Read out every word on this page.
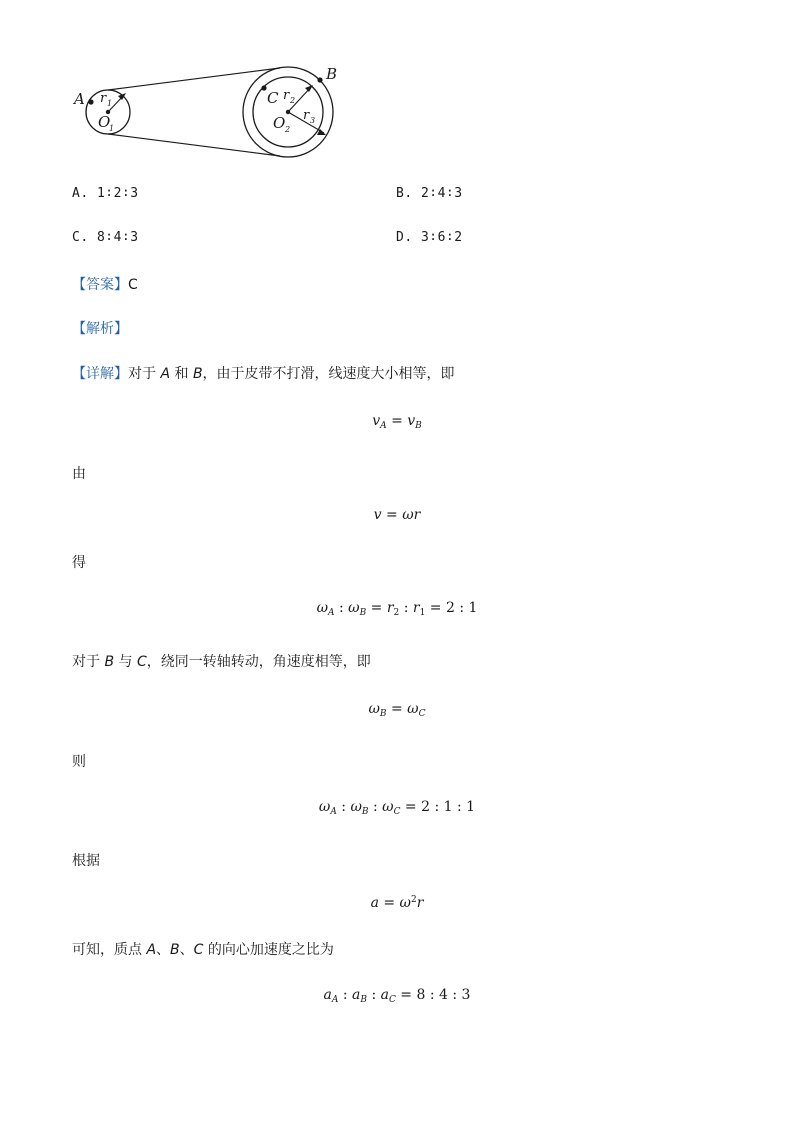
A
B
C
r 1
O
1
r 2
O 2
r 3
A. 1∶2∶3	B. 2∶4∶3
C. 8∶4∶3	D. 3∶6∶2
【答案】C
【解析】
【详解】对于 A 和 B，由于皮带不打滑，线速度大小相等，即
$v_A = v_B$
由
v = ωr
得
$\omega_A$ : $\omega_B = r_2$ : $r_1 = 2$ : 1
对于 B 与 C，绕同一转轴转动，角速度相等，即
$\omega_B = \omega_C$
则
$\omega_A$ : $\omega_B$ : $\omega_C = 2$ : 1 : 1
根据
$a = \omega^2r$
可知，质点 A、B、C 的向心加速度之比为
$a_A$ : $a_B$ : $a_C = 8$ : 4 : 3
